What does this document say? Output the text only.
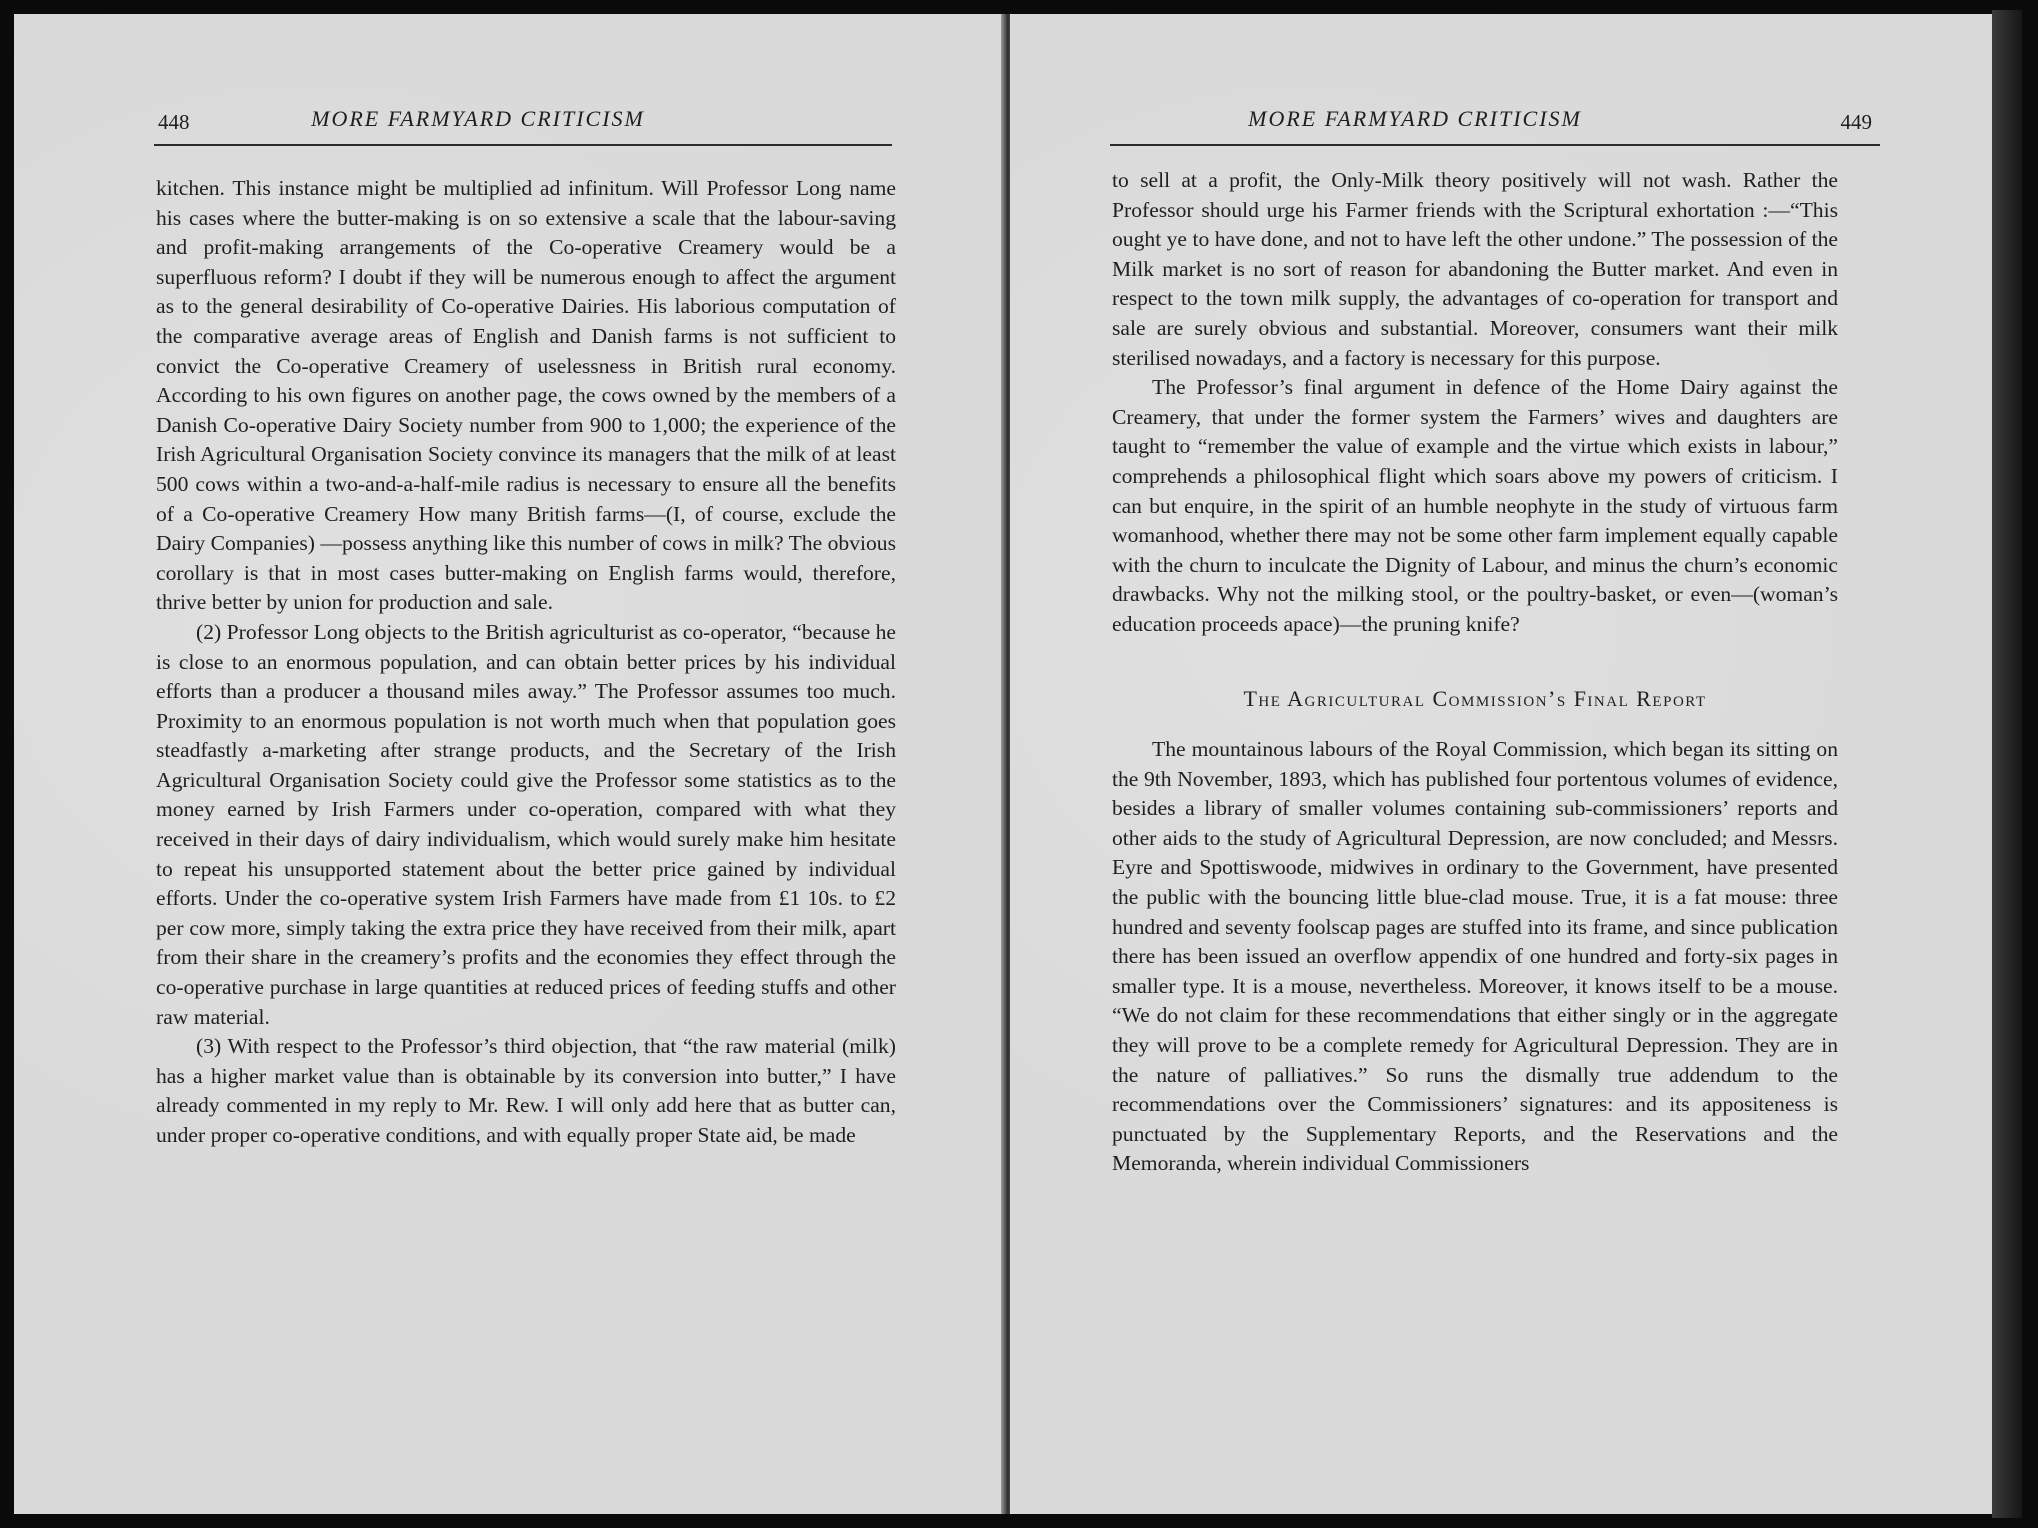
448	MORE FARMYARD CRITICISM

kitchen. This instance might be multiplied ad infinitum. Will Professor Long name his cases where the butter-making is on so extensive a scale that the labour-saving and profit-making arrangements of the Co-operative Creamery would be a superfluous reform? I doubt if they will be numerous enough to affect the argument as to the general desirability of Co-operative Dairies. His laborious computation of the comparative average areas of English and Danish farms is not sufficient to convict the Co-operative Creamery of uselessness in British rural economy. According to his own figures on another page, the cows owned by the members of a Danish Co-operative Dairy Society number from 900 to 1,000; the experience of the Irish Agricultural Organisation Society convince its managers that the milk of at least 500 cows within a two-and-a-half-mile radius is necessary to ensure all the benefits of a Co-operative Creamery How many British farms—(I, of course, exclude the Dairy Companies) —possess anything like this number of cows in milk? The obvious corollary is that in most cases butter-making on English farms would, therefore, thrive better by union for production and sale.

(2) Professor Long objects to the British agriculturist as co-operator, “because he is close to an enormous population, and can obtain better prices by his individual efforts than a producer a thousand miles away.” The Professor assumes too much. Proximity to an enormous population is not worth much when that population goes steadfastly a-marketing after strange products, and the Secretary of the Irish Agricultural Organisation Society could give the Professor some statistics as to the money earned by Irish Farmers under co-operation, compared with what they received in their days of dairy individualism, which would surely make him hesitate to repeat his unsupported statement about the better price gained by individual efforts. Under the co-operative system Irish Farmers have made from £1 10s. to £2 per cow more, simply taking the extra price they have received from their milk, apart from their share in the creamery’s profits and the economies they effect through the co-operative purchase in large quantities at reduced prices of feeding stuffs and other raw material.

(3) With respect to the Professor’s third objection, that “the raw material (milk) has a higher market value than is obtainable by its conversion into butter,” I have already commented in my reply to Mr. Rew. I will only add here that as butter can, under proper co-operative conditions, and with equally proper State aid, be made

MORE FARMYARD CRITICISM	449

to sell at a profit, the Only-Milk theory positively will not wash. Rather the Professor should urge his Farmer friends with the Scriptural exhortation :—“This ought ye to have done, and not to have left the other undone.” The possession of the Milk market is no sort of reason for abandoning the Butter market. And even in respect to the town milk supply, the advantages of co-operation for transport and sale are surely obvious and substantial. Moreover, consumers want their milk sterilised nowadays, and a factory is necessary for this purpose.

The Professor’s final argument in defence of the Home Dairy against the Creamery, that under the former system the Farmers’ wives and daughters are taught to “remember the value of example and the virtue which exists in labour,” comprehends a philosophical flight which soars above my powers of criticism. I can but enquire, in the spirit of an humble neophyte in the study of virtuous farm womanhood, whether there may not be some other farm implement equally capable with the churn to inculcate the Dignity of Labour, and minus the churn’s economic drawbacks. Why not the milking stool, or the poultry-basket, or even—(woman’s education proceeds apace)—the pruning knife?

The Agricultural Commission’s Final Report

The mountainous labours of the Royal Commission, which began its sitting on the 9th November, 1893, which has published four portentous volumes of evidence, besides a library of smaller volumes containing sub-commissioners’ reports and other aids to the study of Agricultural Depression, are now concluded; and Messrs. Eyre and Spottiswoode, midwives in ordinary to the Government, have presented the public with the bouncing little blue-clad mouse. True, it is a fat mouse: three hundred and seventy foolscap pages are stuffed into its frame, and since publication there has been issued an overflow appendix of one hundred and forty-six pages in smaller type. It is a mouse, nevertheless. Moreover, it knows itself to be a mouse. “We do not claim for these recommendations that either singly or in the aggregate they will prove to be a complete remedy for Agricultural Depression. They are in the nature of palliatives.” So runs the dismally true addendum to the recommendations over the Commissioners’ signatures: and its appositeness is punctuated by the Supplementary Reports, and the Reservations and the Memoranda, wherein individual Commissioners
